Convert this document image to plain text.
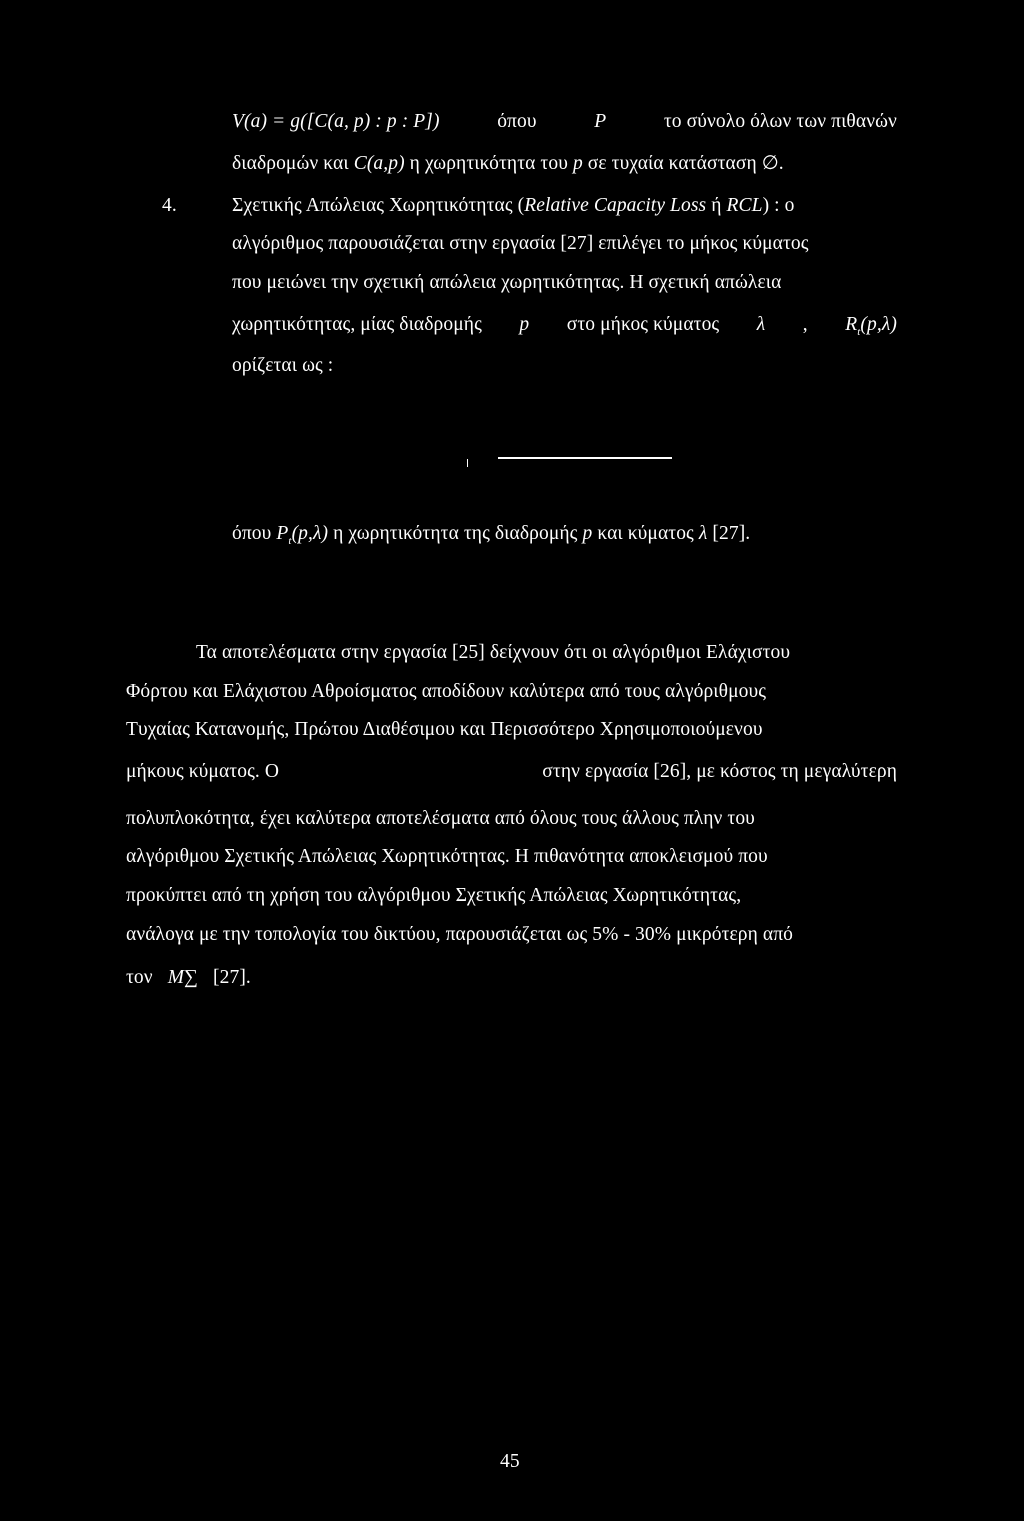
V(a) = g([C(a, p) : p : P])	όπου	P	το σύνολο όλων των πιθανών
διαδρομών και C(a,p) η χωρητικότητα του p σε τυχαία κατάσταση ∅.
4.	Σχετικής Απώλειας Χωρητικότητας (Relative Capacity Loss ή RCL) : ο
αλγόριθμος παρουσιάζεται στην εργασία [27] επιλέγει το μήκος κύματος
που μειώνει την σχετική απώλεια χωρητικότητας. Η σχετική απώλεια
χωρητικότητας, μίας διαδρομής p στο μήκος κύματος λ , $R_t(p,\lambda)$
ορίζεται ως :
όπου $P_t(p,\lambda)$ η χωρητικότητα της διαδρομής p και κύματος λ [27].
Τα αποτελέσματα στην εργασία [25] δείχνουν ότι οι αλγόριθμοι Ελάχιστου
Φόρτου και Ελάχιστου Αθροίσματος αποδίδουν καλύτερα από τους αλγόριθμους
Τυχαίας Κατανομής, Πρώτου Διαθέσιμου και Περισσότερο Χρησιμοποιούμενου
μήκους κύματος. Ο	στην εργασία [26], με κόστος τη μεγαλύτερη
πολυπλοκότητα, έχει καλύτερα αποτελέσματα από όλους τους άλλους πλην του
αλγόριθμου Σχετικής Απώλειας Χωρητικότητας. Η πιθανότητα αποκλεισμού που
προκύπτει από τη χρήση του αλγόριθμου Σχετικής Απώλειας Χωρητικότητας,
ανάλογα με την τοπολογία του δικτύου, παρουσιάζεται ως 5% - 30% μικρότερη από
τον M∑ [27].
45
